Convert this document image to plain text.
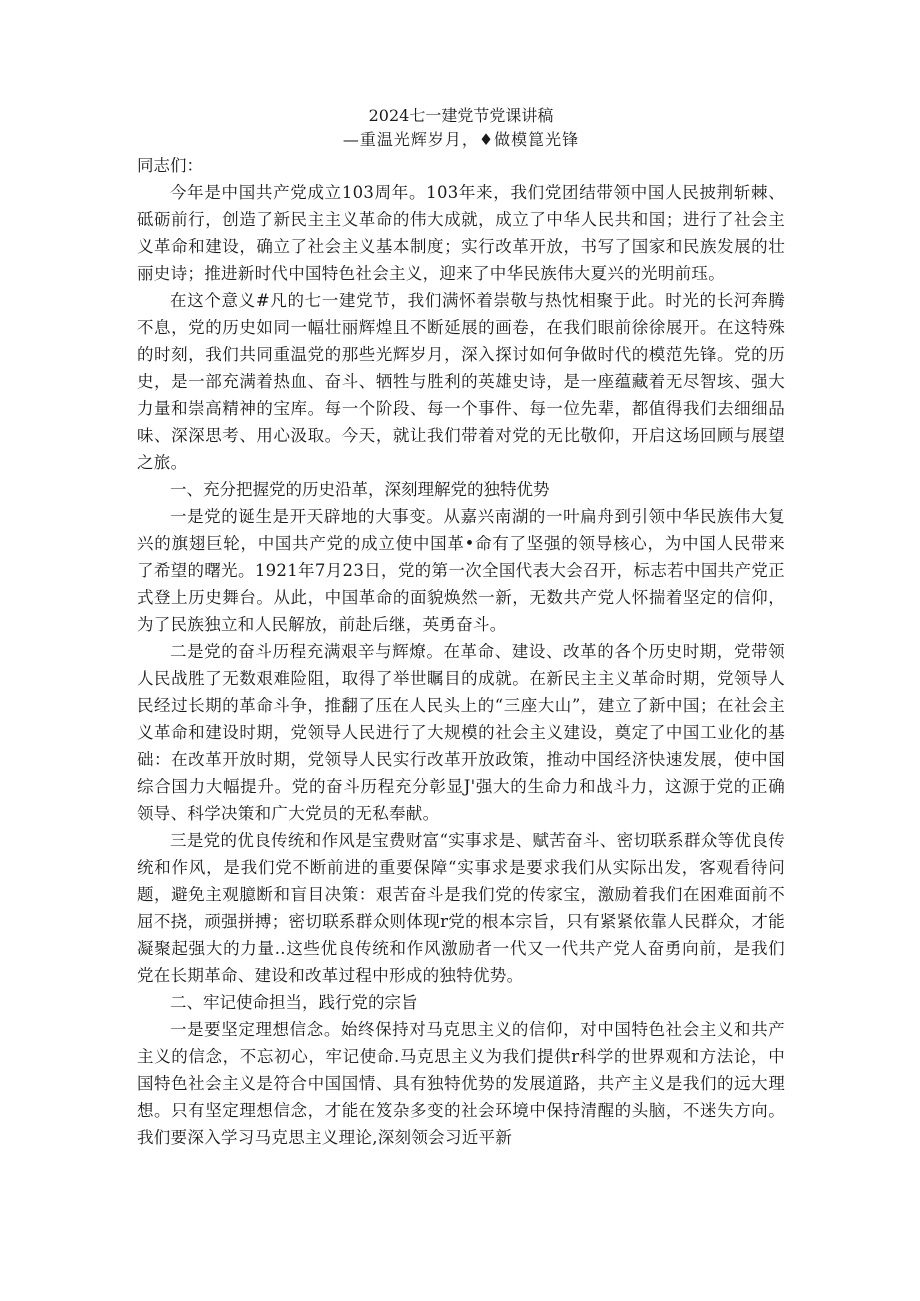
2024七一建党节党课讲稿
—重温光辉岁月，♦做模箟光锋

同志们：

今年是中国共产党成立103周年。103年来，我们党团结带领中国人民披荆斩棘、砥砺前行，创造了新民主主义革命的伟大成就，成立了中华人民共和国；进行了社会主义革命和建设，确立了社会主义基本制度；实行改革开放，书写了国家和民族发展的壮丽史诗；推进新时代中国特色社会主义，迎来了中华民族伟大夏兴的光明前珏。

在这个意义#凡的七一建党节，我们满怀着崇敬与热忱相聚于此。时光的长河奔腾不息，党的历史如同一幅壮丽辉煌且不断延展的画卷，在我们眼前徐徐展开。在这特殊的时刻，我们共同重温党的那些光辉岁月，深入探讨如何争做时代的模范先锋。党的历史，是一部充满着热血、奋斗、牺牲与胜利的英雄史诗，是一座蕴藏着无尽智垓、强大力量和崇高精神的宝库。每一个阶段、每一个事件、每一位先辈，都值得我们去细细品味、深深思考、用心汲取。今天，就让我们带着对党的无比敬仰，开启这场回顾与展望之旅。

一、充分把握党的历史沿革，深刻理解党的独特优势

一是党的诞生是开天辟地的大事变。从嘉兴南湖的一叶扁舟到引领中华民族伟大复兴的旗翅巨轮，中国共产党的成立使中国革•命有了坚强的领导核心，为中国人民带来了希望的曙光。1921年7月23日，党的第一次全国代表大会召开，标志若中国共产党正式登上历史舞台。从此，中国革命的面貌焕然一新，无数共产党人怀揣着坚定的信仰，为了民族独立和人民解放，前赴后继，英勇奋斗。

二是党的奋斗历程充满艰辛与辉燎。在革命、建设、改革的各个历史时期，党带领人民战胜了无数艰难险阻，取得了举世瞩目的成就。在新民主主义革命时期，党领导人民经过长期的革命斗争，推翻了压在人民头上的“三座大山”，建立了新中国；在社会主义革命和建设时期，党领导人民进行了大规模的社会主义建设，奠定了中国工业化的基础：在改革开放时期，党领导人民实行改革开放政策，推动中国经济快速发展，使中国综合国力大幅提升。党的奋斗历程充分彰显J'强大的生命力和战斗力，这源于党的正确领导、科学决策和广大党员的无私奉献。

三是党的优良传统和作风是宝费财富“实事求是、赋苦奋斗、密切联系群众等优良传统和作风，是我们党不断前进的重要保障“实事求是要求我们从实际出发，客观看待问题，避免主观臆断和盲目决策：艰苦奋斗是我们党的传家宝，激励着我们在困难面前不屈不挠，顽强拼搏；密切联系群众则体现r党的根本宗旨，只有紧紧依靠人民群众，才能凝聚起强大的力量..这些优良传统和作风激励者一代又一代共产党人奋勇向前，是我们党在长期革命、建设和改革过程中形成的独特优势。

二、牢记使命担当，践行党的宗旨

一是要坚定理想信念。始终保持对马克思主义的信仰，对中国特色社会主义和共产主义的信念，不忘初心，牢记使命.马克思主义为我们提供r科学的世界观和方法论，中国特色社会主义是符合中国国情、具有独特优势的发展道路，共产主义是我们的远大理想。只有坚定理想信念，才能在笈杂多变的社会环境中保持清醒的头脑，不迷失方向。我们要深入学习马克思主义理论,深刻领会习近平新
